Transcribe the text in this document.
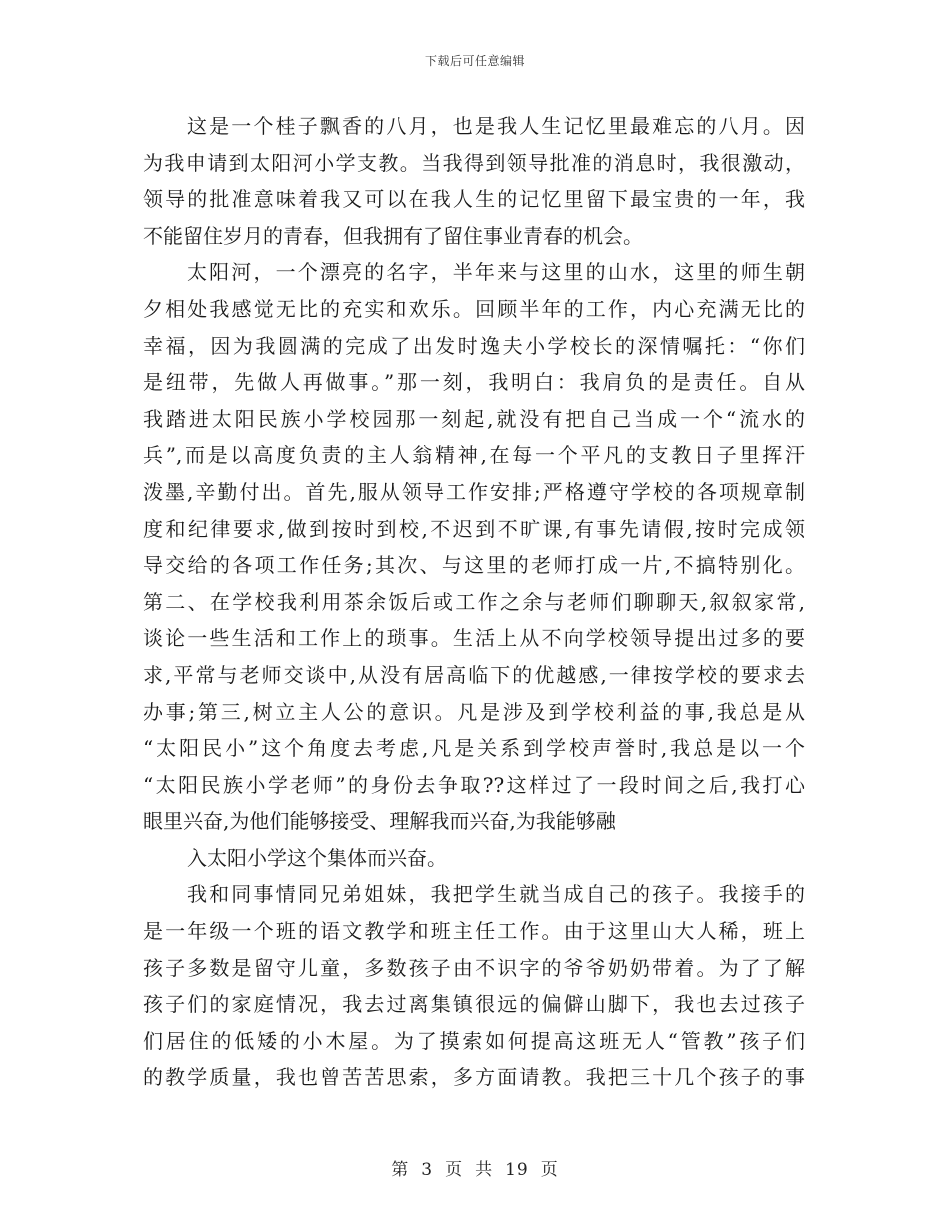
下载后可任意编辑
这是一个桂子飘香的八月，也是我人生记忆里最难忘的八月。因
为我申请到太阳河小学支教。当我得到领导批准的消息时，我很激动，
领导的批准意味着我又可以在我人生的记忆里留下最宝贵的一年，我
不能留住岁月的青春，但我拥有了留住事业青春的机会。
太阳河，一个漂亮的名字，半年来与这里的山水，这里的师生朝
夕相处我感觉无比的充实和欢乐。回顾半年的工作，内心充满无比的
幸福，因为我圆满的完成了出发时逸夫小学校长的深情嘱托：“你们
是纽带，先做人再做事。”那一刻，我明白：我肩负的是责任。自从
我踏进太阳民族小学校园那一刻起,就没有把自己当成一个“流水的
兵”,而是以高度负责的主人翁精神,在每一个平凡的支教日子里挥汗
泼墨,辛勤付出。首先,服从领导工作安排;严格遵守学校的各项规章制
度和纪律要求,做到按时到校,不迟到不旷课,有事先请假,按时完成领
导交给的各项工作任务;其次、与这里的老师打成一片,不搞特别化。
第二、在学校我利用茶余饭后或工作之余与老师们聊聊天,叙叙家常,
谈论一些生活和工作上的琐事。生活上从不向学校领导提出过多的要
求,平常与老师交谈中,从没有居高临下的优越感,一律按学校的要求去
办事;第三,树立主人公的意识。凡是涉及到学校利益的事,我总是从
“太阳民小”这个角度去考虑,凡是关系到学校声誉时,我总是以一个
“太阳民族小学老师”的身份去争取??这样过了一段时间之后,我打心
眼里兴奋,为他们能够接受、理解我而兴奋,为我能够融
入太阳小学这个集体而兴奋。
我和同事情同兄弟姐妹，我把学生就当成自己的孩子。我接手的
是一年级一个班的语文教学和班主任工作。由于这里山大人稀，班上
孩子多数是留守儿童，多数孩子由不识字的爷爷奶奶带着。为了了解
孩子们的家庭情况，我去过离集镇很远的偏僻山脚下，我也去过孩子
们居住的低矮的小木屋。为了摸索如何提高这班无人“管教”孩子们
的教学质量，我也曾苦苦思索，多方面请教。我把三十几个孩子的事
第 3 页 共 19 页
